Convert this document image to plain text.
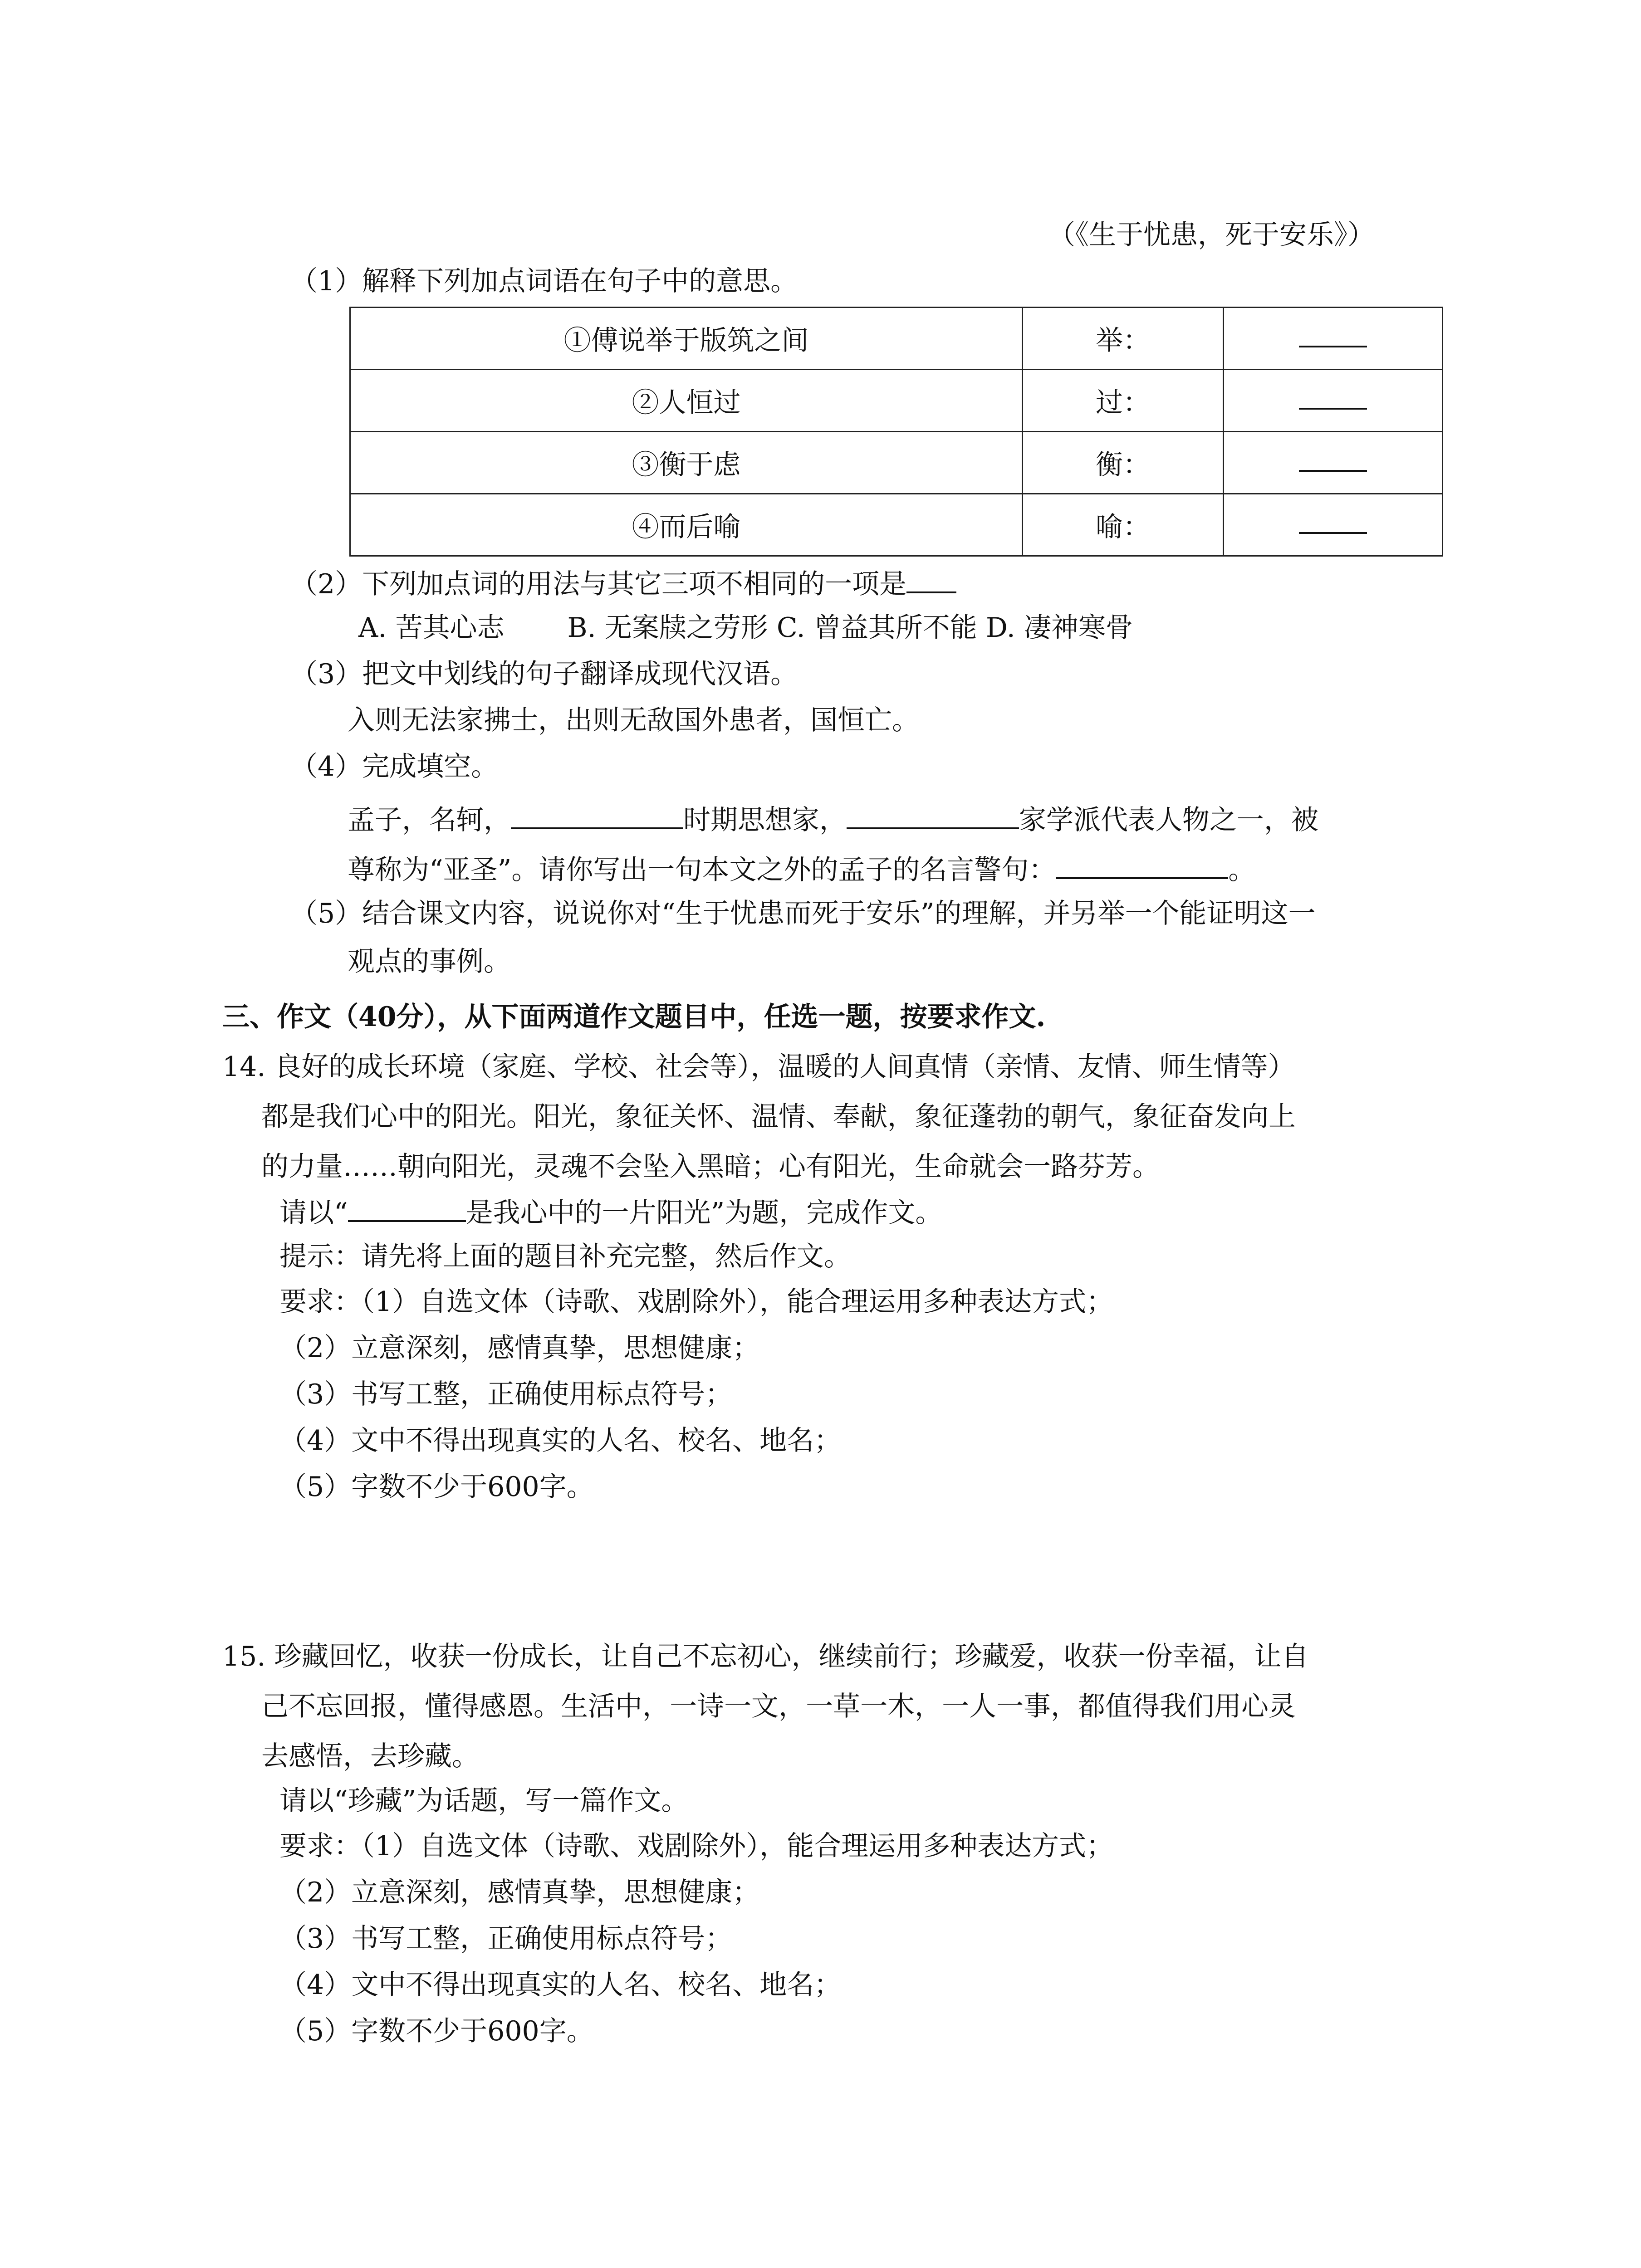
（《生于忧患，死于安乐》）
（1）解释下列加点词语在句子中的意思。
①傅说举于版筑之间	举：	
②人恒过	过：	
③衡于虑	衡：	
④而后喻	喻：	
（2）下列加点词的用法与其它三项不相同的一项是
A. 苦其心志　　 B. 无案牍之劳形 C. 曾益其所不能 D. 凄神寒骨
（3）把文中划线的句子翻译成现代汉语。
入则无法家拂士，出则无敌国外患者，国恒亡。
（4）完成填空。
孟子，名轲，	时期思想家，	家学派代表人物之一，被
尊称为“亚圣”。请你写出一句本文之外的孟子的名言警句：	。
（5）结合课文内容，说说你对“生于忧患而死于安乐”的理解，并另举一个能证明这一
观点的事例。
三、作文（40分），从下面两道作文题目中，任选一题，按要求作文.
14. 良好的成长环境（家庭、学校、社会等），温暖的人间真情（亲情、友情、师生情等）
都是我们心中的阳光。阳光，象征关怀、温情、奉献，象征蓬勃的朝气，象征奋发向上
的力量……朝向阳光，灵魂不会坠入黑暗；心有阳光，生命就会一路芬芳。
请以“	是我心中的一片阳光”为题，完成作文。
提示：请先将上面的题目补充完整，然后作文。
要求：（1）自选文体（诗歌、戏剧除外），能合理运用多种表达方式；
（2）立意深刻，感情真挚，思想健康；
（3）书写工整，正确使用标点符号；
（4）文中不得出现真实的人名、校名、地名；
（5）字数不少于600字。
15. 珍藏回忆，收获一份成长，让自己不忘初心，继续前行；珍藏爱，收获一份幸福，让自
己不忘回报，懂得感恩。生活中，一诗一文，一草一木，一人一事，都值得我们用心灵
去感悟，去珍藏。
请以“珍藏”为话题，写一篇作文。
要求：（1）自选文体（诗歌、戏剧除外），能合理运用多种表达方式；
（2）立意深刻，感情真挚，思想健康；
（3）书写工整，正确使用标点符号；
（4）文中不得出现真实的人名、校名、地名；
（5）字数不少于600字。
